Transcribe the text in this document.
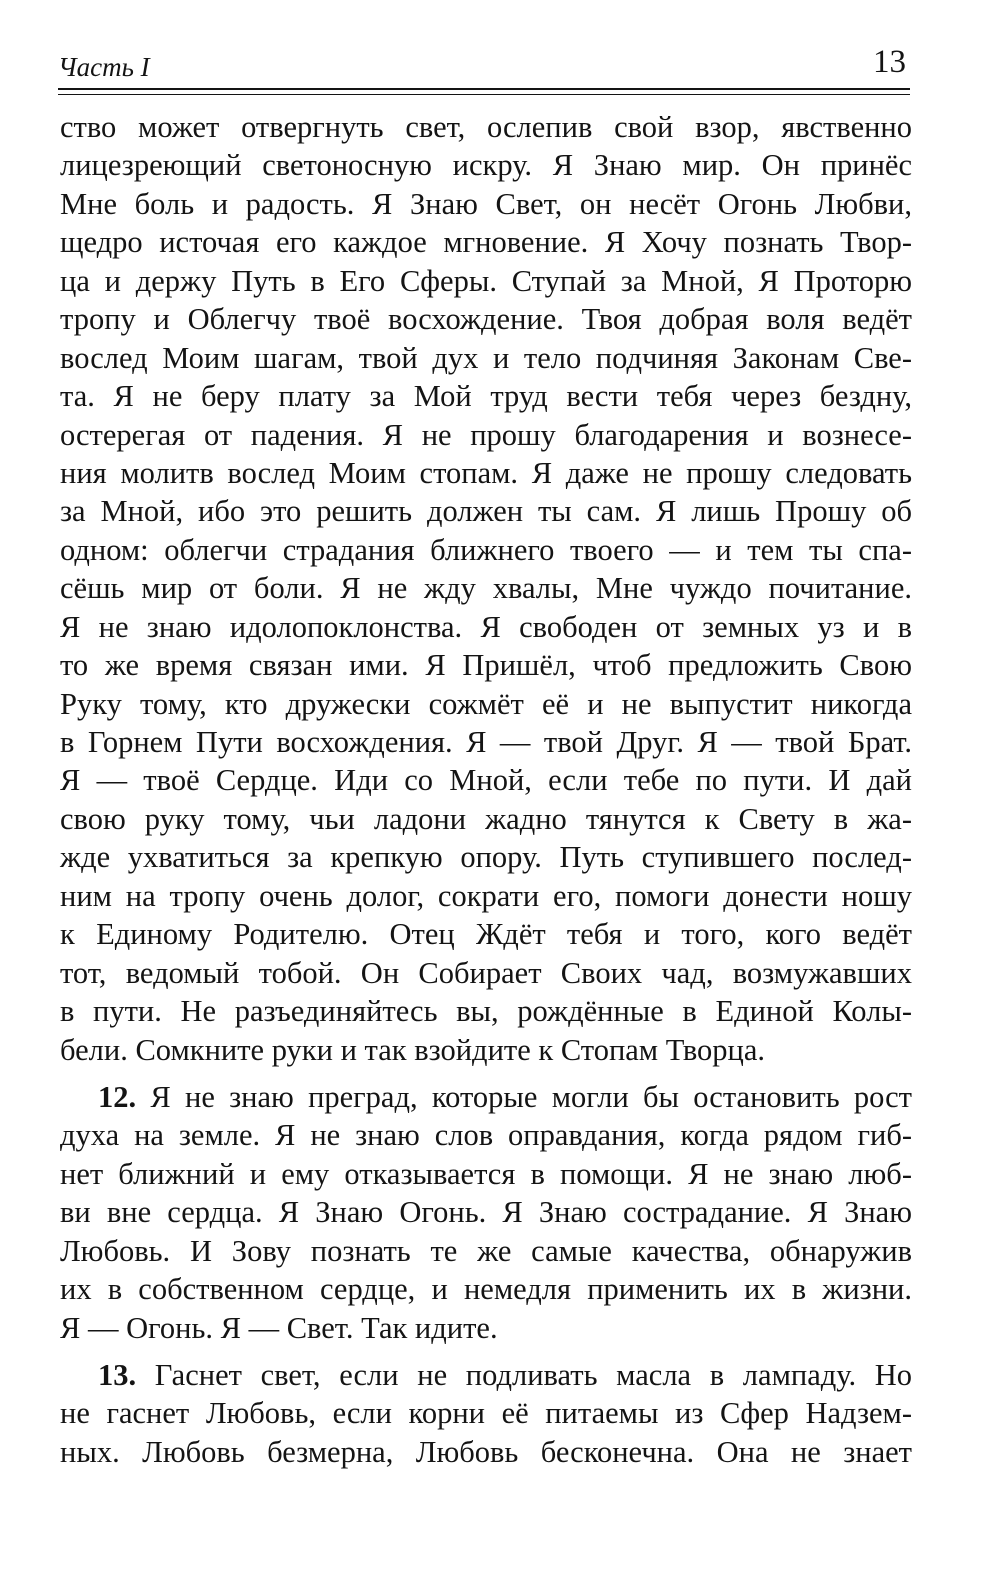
Часть I	13
ство может отвергнуть свет, ослепив свой взор, явственно
лицезреющий светоносную искру. Я Знаю мир. Он принёс
Мне боль и радость. Я Знаю Свет, он несёт Огонь Любви,
щедро источая его каждое мгновение. Я Хочу познать Твор-
ца и держу Путь в Его Сферы. Ступай за Мной, Я Проторю
тропу и Облегчу твоё восхождение. Твоя добрая воля ведёт
вослед Моим шагам, твой дух и тело подчиняя Законам Све-
та. Я не беру плату за Мой труд вести тебя через бездну,
остерегая от падения. Я не прошу благодарения и вознесе-
ния молитв вослед Моим стопам. Я даже не прошу следовать
за Мной, ибо это решить должен ты сам. Я лишь Прошу об
одном: облегчи страдания ближнего твоего — и тем ты спа-
сёшь мир от боли. Я не жду хвалы, Мне чуждо почитание.
Я не знаю идолопоклонства. Я свободен от земных уз и в
то же время связан ими. Я Пришёл, чтоб предложить Свою
Руку тому, кто дружески сожмёт её и не выпустит никогда
в Горнем Пути восхождения. Я — твой Друг. Я — твой Брат.
Я — твоё Сердце. Иди со Мной, если тебе по пути. И дай
свою руку тому, чьи ладони жадно тянутся к Свету в жа-
жде ухватиться за крепкую опору. Путь ступившего послед-
ним на тропу очень долог, сократи его, помоги донести ношу
к Единому Родителю. Отец Ждёт тебя и того, кого ведёт
тот, ведомый тобой. Он Собирает Своих чад, возмужавших
в пути. Не разъединяйтесь вы, рождённые в Единой Колы-
бели. Сомкните руки и так взойдите к Стопам Творца.
12. Я не знаю преград, которые могли бы остановить рост
духа на земле. Я не знаю слов оправдания, когда рядом гиб-
нет ближний и ему отказывается в помощи. Я не знаю люб-
ви вне сердца. Я Знаю Огонь. Я Знаю сострадание. Я Знаю
Любовь. И Зову познать те же самые качества, обнаружив
их в собственном сердце, и немедля применить их в жизни.
Я — Огонь. Я — Свет. Так идите.
13. Гаснет свет, если не подливать масла в лампаду. Но
не гаснет Любовь, если корни её питаемы из Сфер Надзем-
ных. Любовь безмерна, Любовь бесконечна. Она не знает
